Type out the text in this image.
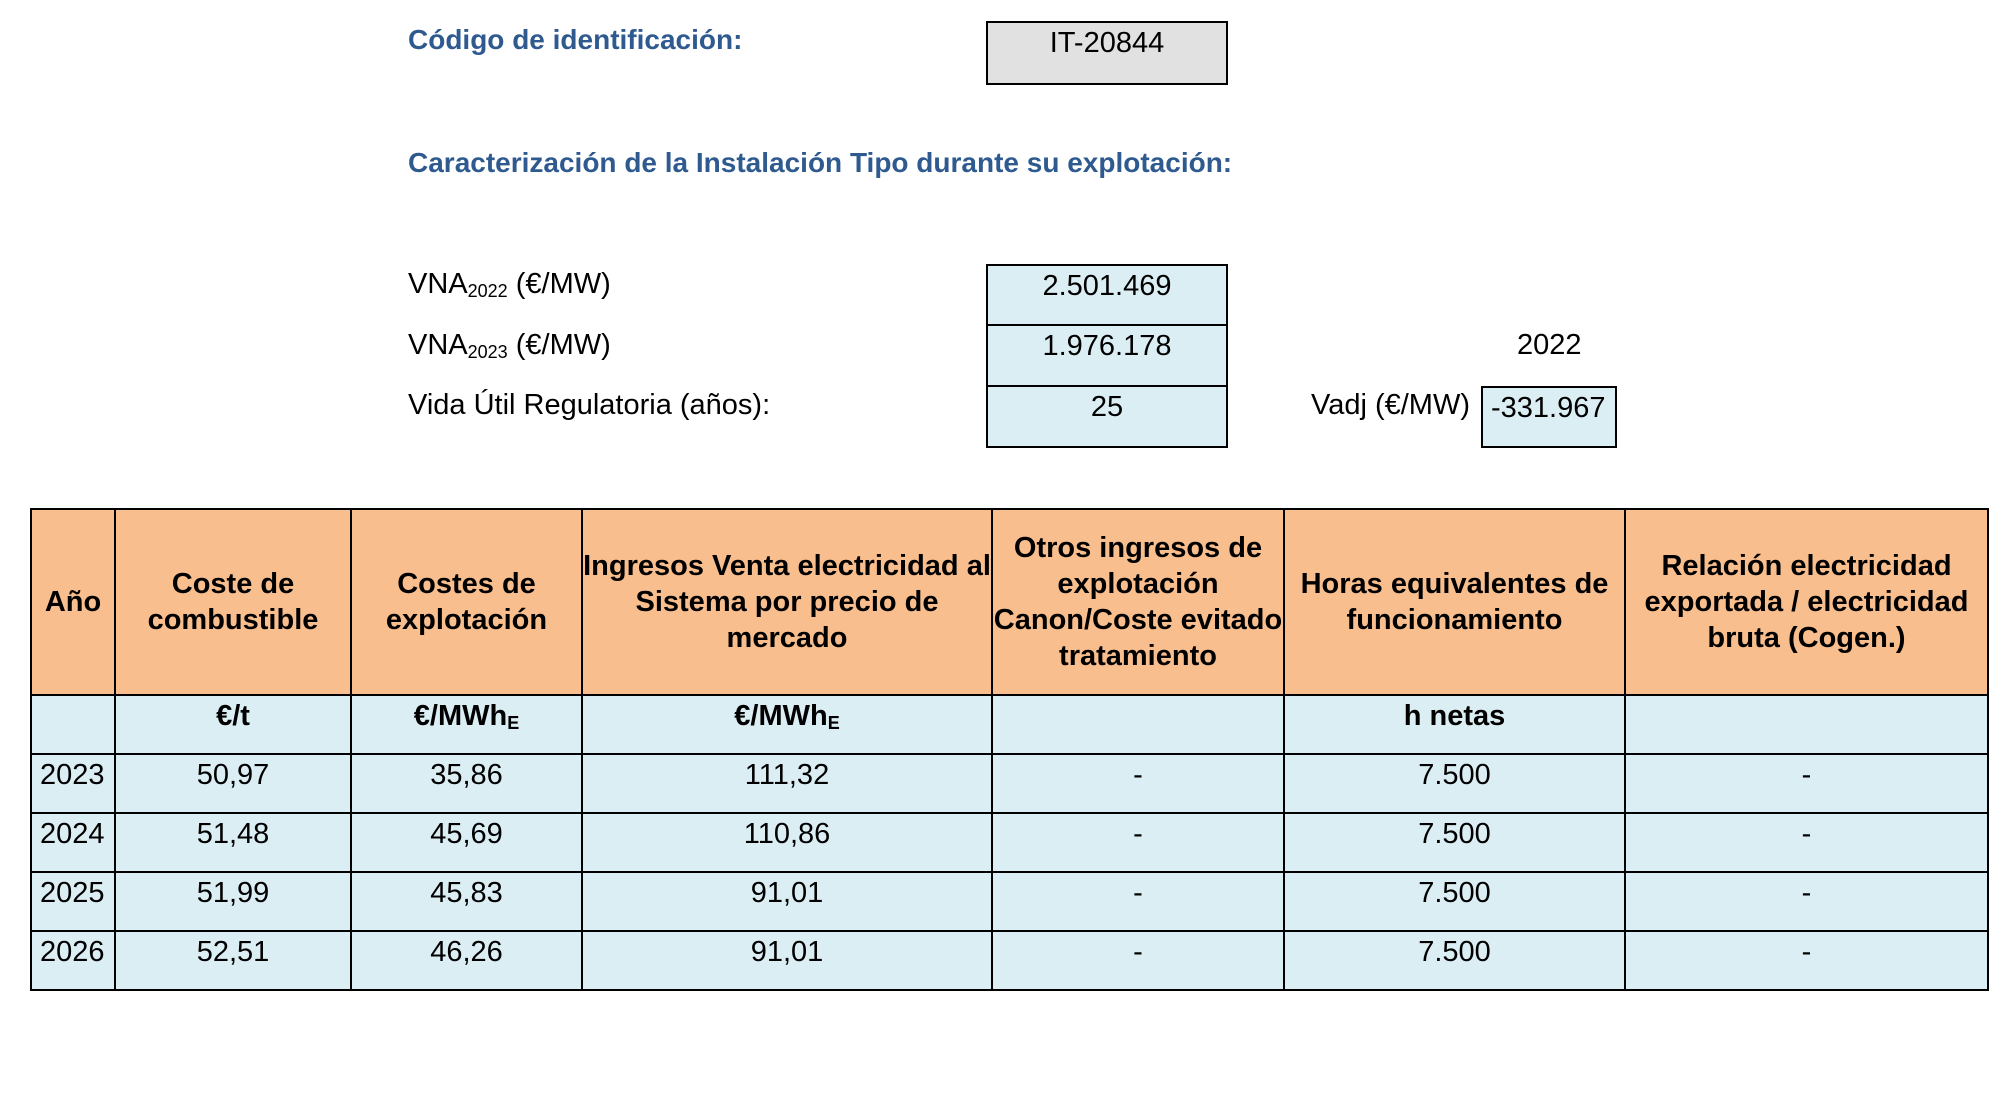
Código de identificación:	IT-20844
Caracterización de la Instalación Tipo durante su explotación:
$VNA_{2022}$ (€/MW)	2.501.469
$VNA_{2023}$ (€/MW)	1.976.178
Vida Útil Regulatoria (años):	25
2022
Vadj (€/MW) -331.967
Año	Coste de combustible	Costes de explotación	Ingresos Venta electricidad al Sistema por precio de mercado	Otros ingresos de explotación Canon/Coste evitado tratamiento	Horas equivalentes de funcionamiento	Relación electricidad exportada / electricidad bruta (Cogen.)
	€/t	€/MWh$_E$	€/MWh$_E$		h netas	
2023	50,97	35,86	111,32	-	7.500	-
2024	51,48	45,69	110,86	-	7.500	-
2025	51,99	45,83	91,01	-	7.500	-
2026	52,51	46,26	91,01	-	7.500	-
